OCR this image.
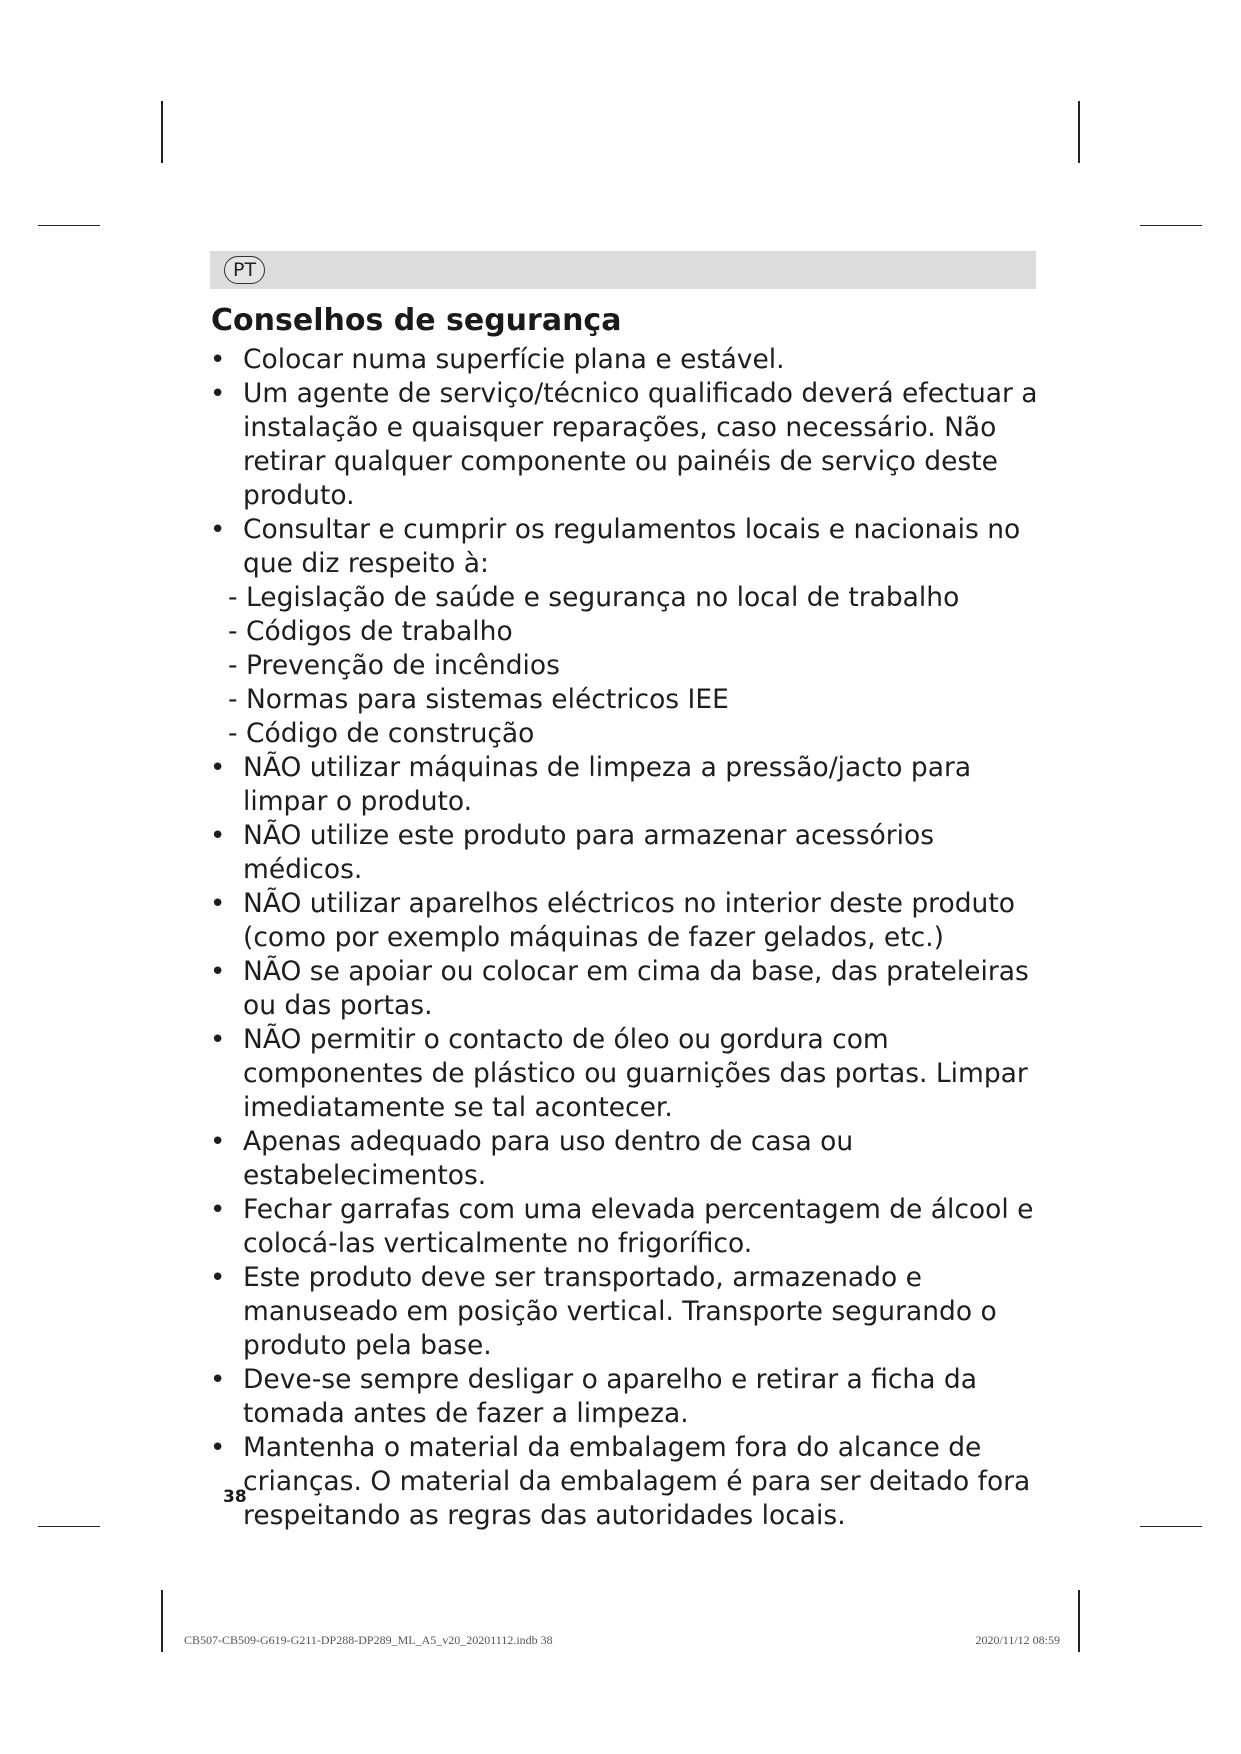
PT
Conselhos de segurança
• Colocar numa superfície plana e estável.
• Um agente de serviço/técnico qualificado deverá efectuar a instalação e quaisquer reparações, caso necessário. Não retirar qualquer componente ou painéis de serviço deste produto.
• Consultar e cumprir os regulamentos locais e nacionais no que diz respeito à:
- Legislação de saúde e segurança no local de trabalho
- Códigos de trabalho
- Prevenção de incêndios
- Normas para sistemas eléctricos IEE
- Código de construção
• NÃO utilizar máquinas de limpeza a pressão/jacto para limpar o produto.
• NÃO utilize este produto para armazenar acessórios médicos.
• NÃO utilizar aparelhos eléctricos no interior deste produto (como por exemplo máquinas de fazer gelados, etc.)
• NÃO se apoiar ou colocar em cima da base, das prateleiras ou das portas.
• NÃO permitir o contacto de óleo ou gordura com componentes de plástico ou guarnições das portas. Limpar imediatamente se tal acontecer.
• Apenas adequado para uso dentro de casa ou estabelecimentos.
• Fechar garrafas com uma elevada percentagem de álcool e colocá-las verticalmente no frigorífico.
• Este produto deve ser transportado, armazenado e manuseado em posição vertical. Transporte segurando o produto pela base.
• Deve-se sempre desligar o aparelho e retirar a ficha da tomada antes de fazer a limpeza.
• Mantenha o material da embalagem fora do alcance de crianças. O material da embalagem é para ser deitado fora respeitando as regras das autoridades locais.
38
CB507-CB509-G619-G211-DP288-DP289_ML_A5_v20_20201112.indb 38	2020/11/12 08:59
